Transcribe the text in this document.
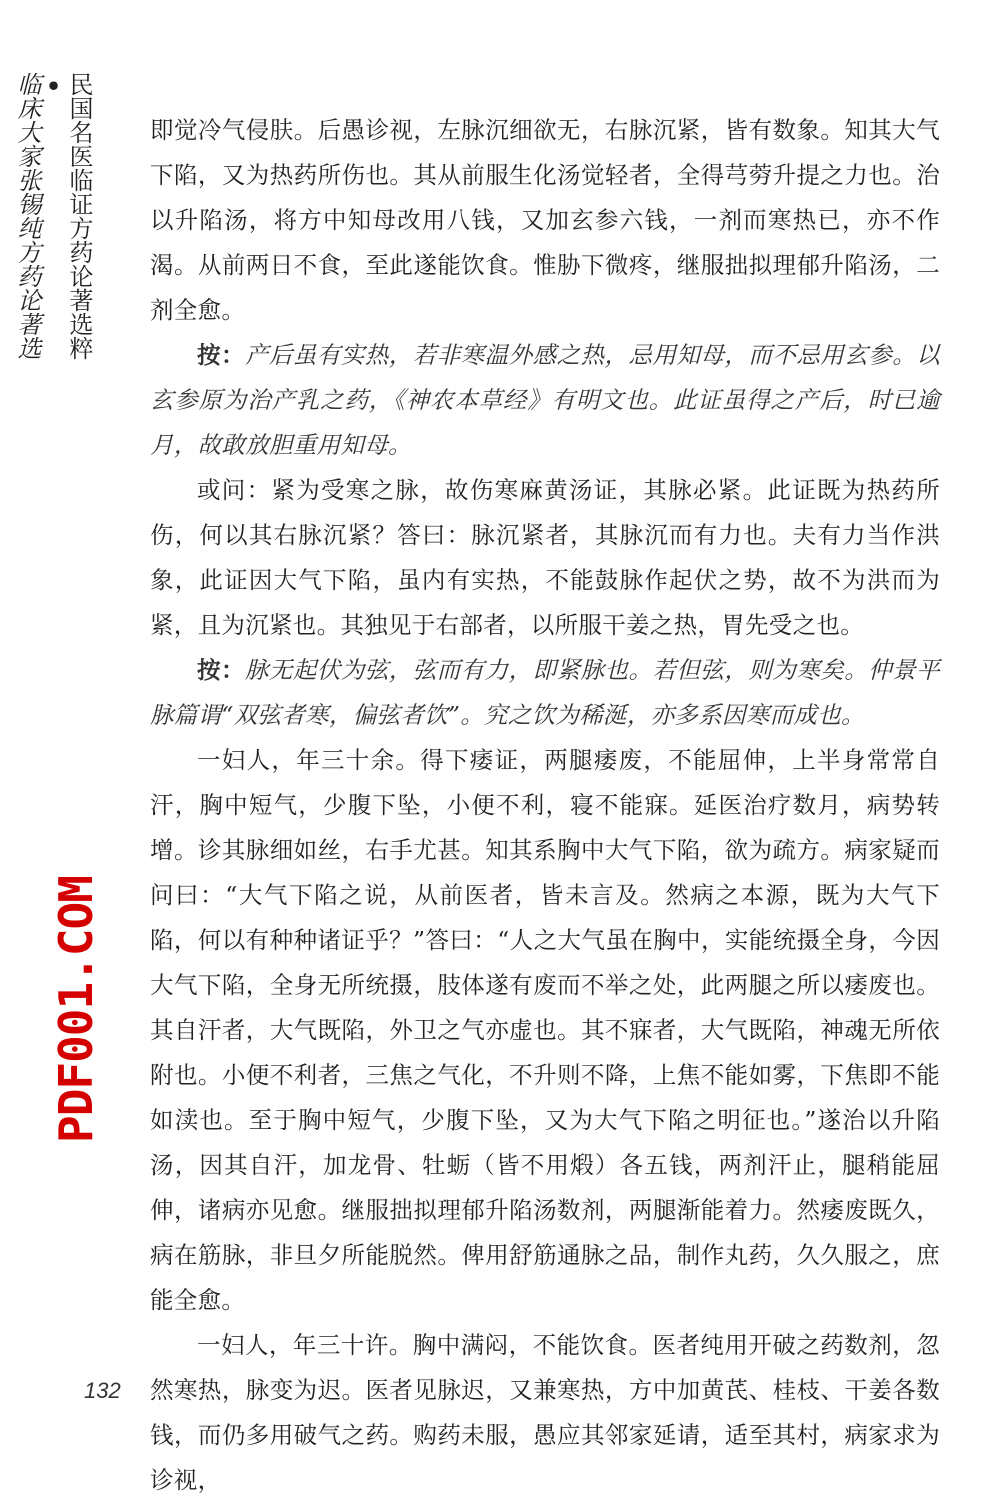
民国名医临证方药论著选粹
•
临床大家张锡纯方药论著选
PDF001.COM

即觉冷气侵肤。后愚诊视，左脉沉细欲无，右脉沉紧，皆有数象。知其大气下陷，又为热药所伤也。其从前服生化汤觉轻者，全得芎䓖升提之力也。治以升陷汤，将方中知母改用八钱，又加玄参六钱，一剂而寒热已，亦不作渴。从前两日不食，至此遂能饮食。惟胁下微疼，继服拙拟理郁升陷汤，二剂全愈。

按：产后虽有实热，若非寒温外感之热，忌用知母，而不忌用玄参。以玄参原为治产乳之药，《神农本草经》有明文也。此证虽得之产后，时已逾月，故敢放胆重用知母。

或问：紧为受寒之脉，故伤寒麻黄汤证，其脉必紧。此证既为热药所伤，何以其右脉沉紧？答曰：脉沉紧者，其脉沉而有力也。夫有力当作洪象，此证因大气下陷，虽内有实热，不能鼓脉作起伏之势，故不为洪而为紧，且为沉紧也。其独见于右部者，以所服干姜之热，胃先受之也。

按：脉无起伏为弦，弦而有力，即紧脉也。若但弦，则为寒矣。仲景平脉篇谓“双弦者寒，偏弦者饮”。究之饮为稀涎，亦多系因寒而成也。

一妇人，年三十余。得下痿证，两腿痿废，不能屈伸，上半身常常自汗，胸中短气，少腹下坠，小便不利，寝不能寐。延医治疗数月，病势转增。诊其脉细如丝，右手尤甚。知其系胸中大气下陷，欲为疏方。病家疑而问曰：“大气下陷之说，从前医者，皆未言及。然病之本源，既为大气下陷，何以有种种诸证乎？”答曰：“人之大气虽在胸中，实能统摄全身，今因大气下陷，全身无所统摄，肢体遂有废而不举之处，此两腿之所以痿废也。其自汗者，大气既陷，外卫之气亦虚也。其不寐者，大气既陷，神魂无所依附也。小便不利者，三焦之气化，不升则不降，上焦不能如雾，下焦即不能如渎也。至于胸中短气，少腹下坠，又为大气下陷之明征也。”遂治以升陷汤，因其自汗，加龙骨、牡蛎（皆不用煅）各五钱，两剂汗止，腿稍能屈伸，诸病亦见愈。继服拙拟理郁升陷汤数剂，两腿渐能着力。然痿废既久，病在筋脉，非旦夕所能脱然。俾用舒筋通脉之品，制作丸药，久久服之，庶能全愈。

一妇人，年三十许。胸中满闷，不能饮食。医者纯用开破之药数剂，忽然寒热，脉变为迟。医者见脉迟，又兼寒热，方中加黄芪、桂枝、干姜各数钱，而仍多用破气之药。购药未服，愚应其邻家延请，适至其村，病家求为诊视，

132
